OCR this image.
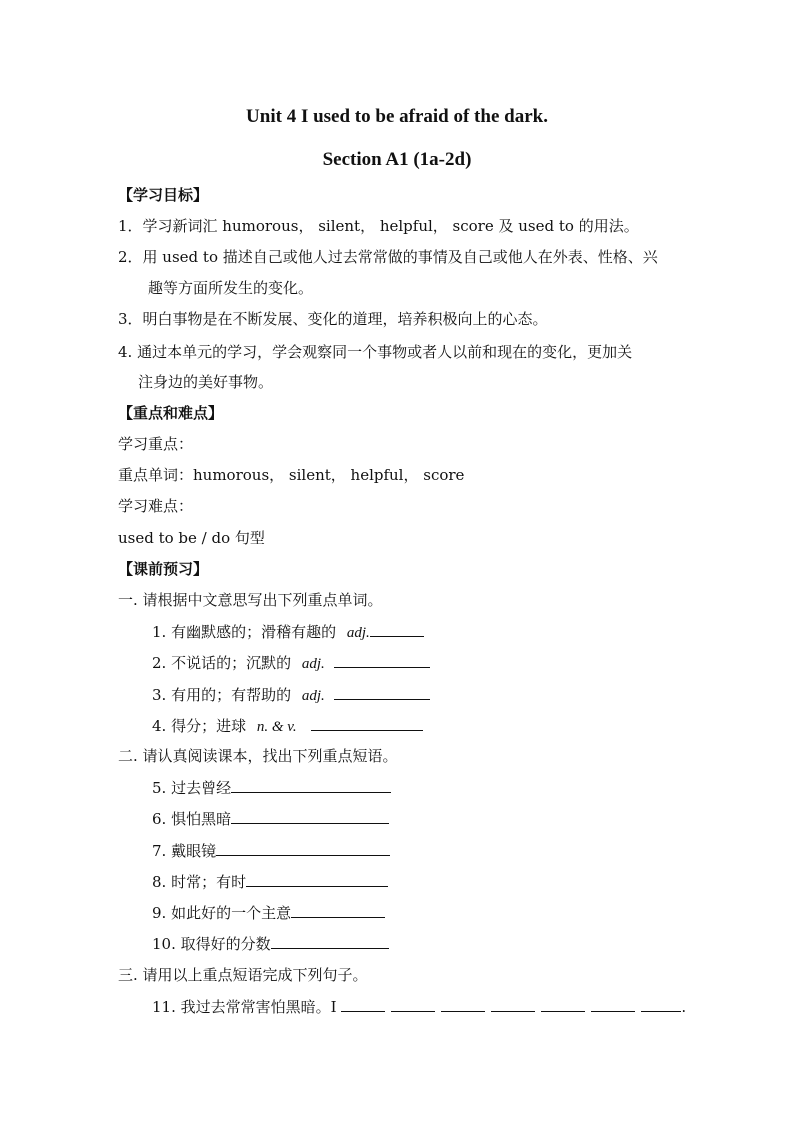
Unit 4 I used to be afraid of the dark.
Section A1 (1a-2d)
【学习目标】
1．学习新词汇 humorous， silent， helpful， score 及 used to 的用法。
2．用 used to 描述自己或他人过去常常做的事情及自己或他人在外表、性格、兴
趣等方面所发生的变化。
3．明白事物是在不断发展、变化的道理，培养积极向上的心态。
4. 通过本单元的学习，学会观察同一个事物或者人以前和现在的变化，更加关
注身边的美好事物。
【重点和难点】
学习重点：
重点单词：humorous， silent， helpful， score
学习难点：
used to be / do 句型
【课前预习】
一. 请根据中文意思写出下列重点单词。
1. 有幽默感的；滑稽有趣的 adj.
2. 不说话的；沉默的 adj.
3. 有用的；有帮助的 adj.
4. 得分；进球 n. & v.
二. 请认真阅读课本，找出下列重点短语。
5. 过去曾经
6. 惧怕黑暗
7. 戴眼镜
8. 时常；有时
9. 如此好的一个主意
10. 取得好的分数
三. 请用以上重点短语完成下列句子。
11. 我过去常常害怕黑暗。I	.
